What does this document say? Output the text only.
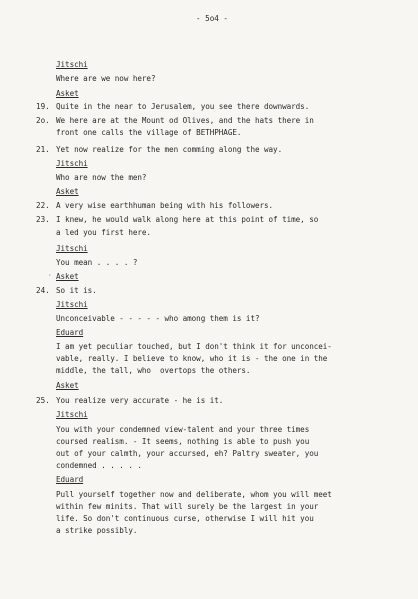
- 5o4 -
Jitschi
Where are we now here?
Asket
19. Quite in the near to Jerusalem, you see there downwards.
2o. We here are at the Mount od Olives, and the hats there in
front one calls the village of BETHPHAGE.
21. Yet now realize for the men comming along the way.
Jitschi
Who are now the men?
Asket
22. A very wise earthhuman being with his followers.
23. I knew, he would walk along here at this point of time, so
a led you first here.
Jitschi
You mean . . . . ?
Asket
24. So it is.
Jitschi
Unconceivable - - - - - who among them is it?
Eduard
I am yet peculiar touched, but I don't think it for unconcei-
vable, really. I believe to know, who it is - the one in the
middle, the tall, who  overtops the others.
Asket
25. You realize very accurate - he is it.
Jitschi
You with your condemned view-talent and your three times
coursed realism. - It seems, nothing is able to push you
out of your calmth, your accursed, eh? Paltry sweater, you
condemned . . . . .
Eduard
Pull yourself together now and deliberate, whom you will meet
within few minits. That will surely be the largest in your
life. So don't continuous curse, otherwise I will hit you
a strike possibly.
·
